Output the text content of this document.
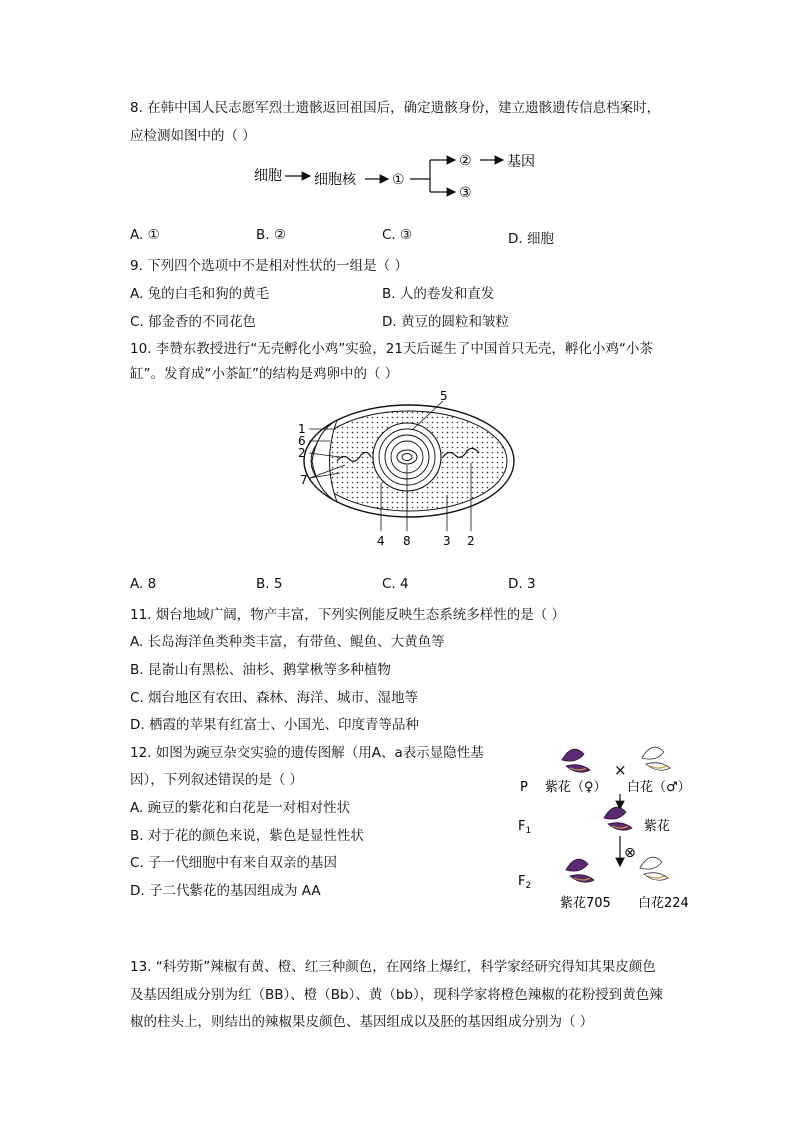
8. 在韩中国人民志愿军烈士遗骸返回祖国后，确定遗骸身份，建立遗骸遗传信息档案时，
应检测如图中的（ ）
细胞 细胞核	①
②	基因
③
A. ①	B. ②	C. ③	D. 细胞
9. 下列四个选项中不是相对性状的一组是（ ）
A. 兔的白毛和狗的黄毛	B. 人的卷发和直发
C. 郁金香的不同花色	D. 黄豆的圆粒和皱粒
10. 李赞东教授进行“无壳孵化小鸡”实验，21天后诞生了中国首只无壳，孵化小鸡“小茶
缸”。发育成“小茶缸”的结构是鸡卵中的（ ）
1
6
2
7
5
4 8	3 2
A. 8	B. 5	C. 4	D. 3
11. 烟台地域广阔，物产丰富，下列实例能反映生态系统多样性的是（ ）
A. 长岛海洋鱼类种类丰富，有带鱼、鲲鱼、大黄鱼等
B. 昆嵛山有黑松、油杉、鹅掌楸等多种植物
C. 烟台地区有农田、森林、海洋、城市、湿地等
D. 栖霞的苹果有红富士、小国光、印度青等品种
12. 如图为豌豆杂交实验的遗传图解（用A、a表示显隐性基
因），下列叙述错误的是（ ）
A. 豌豆的紫花和白花是一对相对性状
B. 对于花的颜色来说，紫色是显性性状
C. 子一代细胞中有来自双亲的基因
D. 子二代紫花的基因组成为 AA
P 紫花（♀）
×
白花（♂）
$F_1$	紫花
⊗
$F_2$
紫花705 白花224
13. “科劳斯”辣椒有黄、橙、红三种颜色，在网络上爆红，科学家经研究得知其果皮颜色
及基因组成分别为红（BB）、橙（Bb）、黄（bb），现科学家将橙色辣椒的花粉授到黄色辣
椒的柱头上，则结出的辣椒果皮颜色、基因组成以及胚的基因组成分别为（ ）
